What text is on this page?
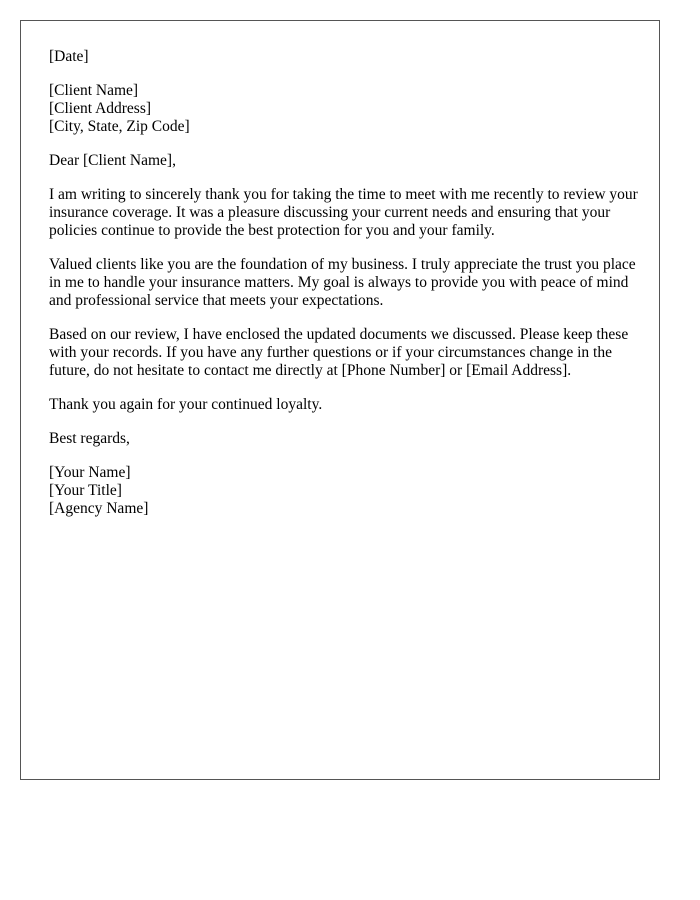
[Date]

[Client Name]
[Client Address]
[City, State, Zip Code]

Dear [Client Name],

I am writing to sincerely thank you for taking the time to meet with me recently to review your insurance coverage. It was a pleasure discussing your current needs and ensuring that your policies continue to provide the best protection for you and your family.

Valued clients like you are the foundation of my business. I truly appreciate the trust you place in me to handle your insurance matters. My goal is always to provide you with peace of mind and professional service that meets your expectations.

Based on our review, I have enclosed the updated documents we discussed. Please keep these with your records. If you have any further questions or if your circumstances change in the future, do not hesitate to contact me directly at [Phone Number] or [Email Address].

Thank you again for your continued loyalty.

Best regards,

[Your Name]
[Your Title]
[Agency Name]
